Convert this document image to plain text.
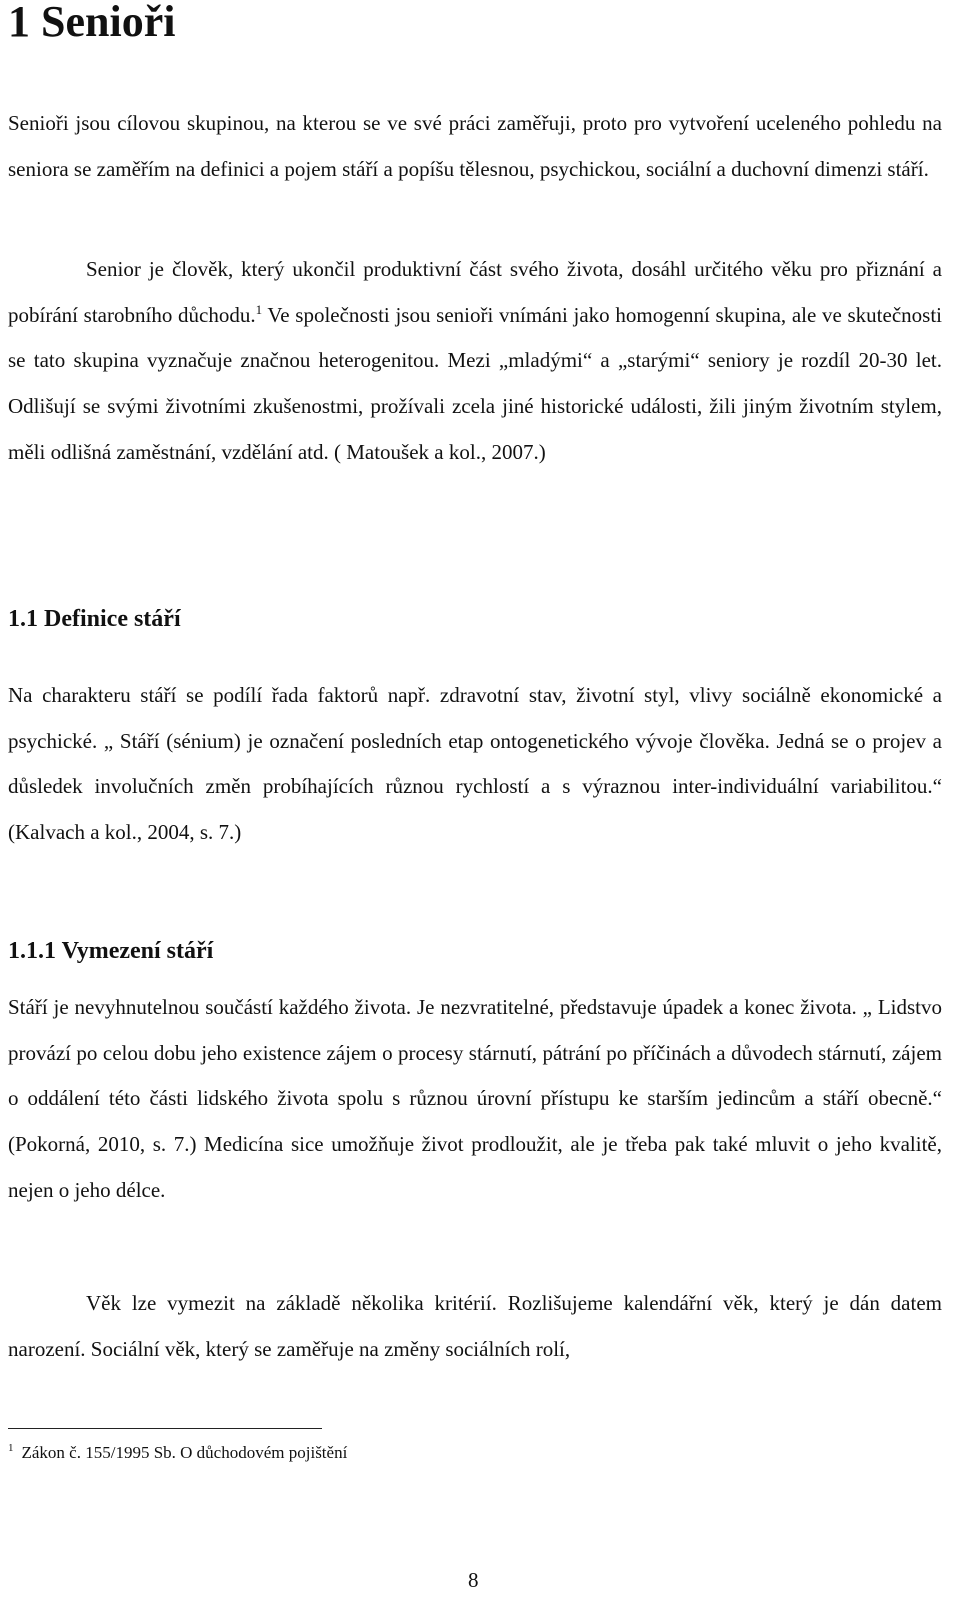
1 Senioři

Senioři jsou cílovou skupinou, na kterou se ve své práci zaměřuji, proto pro vytvoření uceleného pohledu na seniora se zaměřím na definici a pojem stáří a popíšu tělesnou, psychickou, sociální a duchovní dimenzi stáří.

Senior je člověk, který ukončil produktivní část svého života, dosáhl určitého věku pro přiznání a pobírání starobního důchodu.$^1$ Ve společnosti jsou senioři vnímáni jako homogenní skupina, ale ve skutečnosti se tato skupina vyznačuje značnou heterogenitou. Mezi „mladými“ a „starými“ seniory je rozdíl 20-30 let. Odlišují se svými životními zkušenostmi, prožívali zcela jiné historické události, žili jiným životním stylem, měli odlišná zaměstnání, vzdělání atd. ( Matoušek a kol., 2007.)

1.1 Definice stáří

Na charakteru stáří se podílí řada faktorů např. zdravotní stav, životní styl, vlivy sociálně ekonomické a psychické. „ Stáří (sénium) je označení posledních etap ontogenetického vývoje člověka. Jedná se o projev a důsledek involučních změn probíhajících různou rychlostí a s výraznou inter-individuální variabilitou.“ (Kalvach a kol., 2004, s. 7.)

1.1.1 Vymezení stáří

Stáří je nevyhnutelnou součástí každého života. Je nezvratitelné, představuje úpadek a konec života. „ Lidstvo provází po celou dobu jeho existence zájem o procesy stárnutí, pátrání po příčinách a důvodech stárnutí, zájem o oddálení této části lidského života spolu s různou úrovní přístupu ke starším jedincům a stáří obecně.“ (Pokorná, 2010, s. 7.) Medicína sice umožňuje život prodloužit, ale je třeba pak také mluvit o jeho kvalitě, nejen o jeho délce.

Věk lze vymezit na základě několika kritérií. Rozlišujeme kalendářní věk, který je dán datem narození. Sociální věk, který se zaměřuje na změny sociálních rolí,

$^1$ Zákon č. 155/1995 Sb. O důchodovém pojištění
8
